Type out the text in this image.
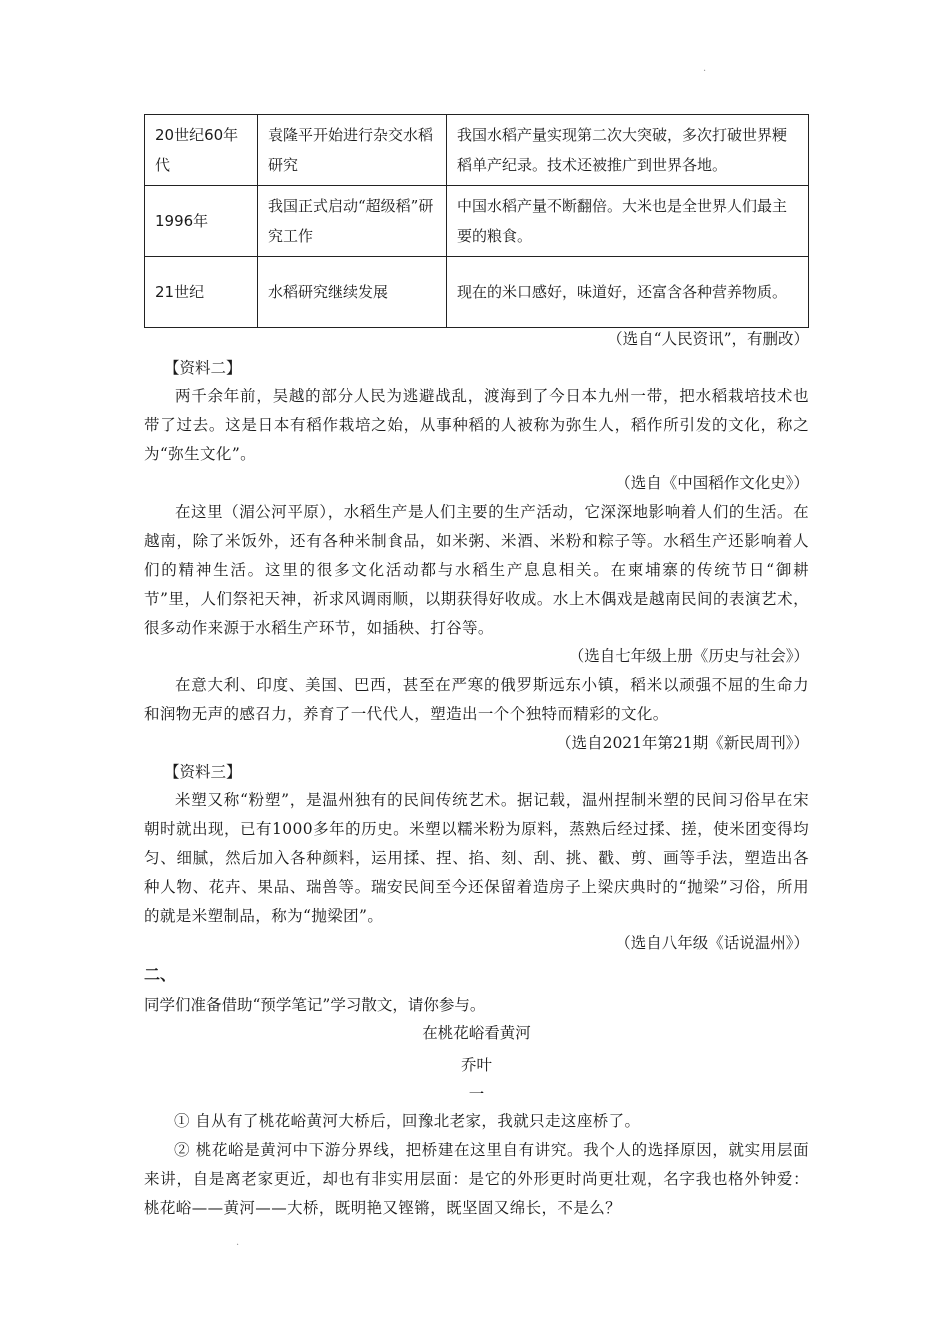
·
20世纪60年代	袁隆平开始进行杂交水稻研究	我国水稻产量实现第二次大突破，多次打破世界粳稻单产纪录。技术还被推广到世界各地。
1996年	我国正式启动“超级稻”研究工作	中国水稻产量不断翻倍。大米也是全世界人们最主要的粮食。
21世纪	水稻研究继续发展	现在的米口感好，味道好，还富含各种营养物质。
（选自“人民资讯”，有删改）
【资料二】
两千余年前，吴越的部分人民为逃避战乱，渡海到了今日本九州一带，把水稻栽培技术也带了过去。这是日本有稻作栽培之始，从事种稻的人被称为弥生人，稻作所引发的文化，称之为“弥生文化”。
（选自《中国稻作文化史》）
在这里（湄公河平原），水稻生产是人们主要的生产活动，它深深地影响着人们的生活。在越南，除了米饭外，还有各种米制食品，如米粥、米酒、米粉和粽子等。水稻生产还影响着人们的精神生活。这里的很多文化活动都与水稻生产息息相关。在柬埔寨的传统节日“御耕节”里，人们祭祀天神，祈求风调雨顺，以期获得好收成。水上木偶戏是越南民间的表演艺术，很多动作来源于水稻生产环节，如插秧、打谷等。
（选自七年级上册《历史与社会》）
在意大利、印度、美国、巴西，甚至在严寒的俄罗斯远东小镇，稻米以顽强不屈的生命力和润物无声的感召力，养育了一代代人，塑造出一个个独特而精彩的文化。
（选自2021年第21期《新民周刊》）
【资料三】
米塑又称“粉塑”，是温州独有的民间传统艺术。据记载，温州捏制米塑的民间习俗早在宋朝时就出现，已有1000多年的历史。米塑以糯米粉为原料，蒸熟后经过揉、搓，使米团变得均匀、细腻，然后加入各种颜料，运用揉、捏、掐、刻、刮、挑、戳、剪、画等手法，塑造出各种人物、花卉、果品、瑞兽等。瑞安民间至今还保留着造房子上梁庆典时的“抛梁”习俗，所用的就是米塑制品，称为“抛梁团”。
（选自八年级《话说温州》）
二、
同学们准备借助“预学笔记”学习散文，请你参与。
在桃花峪看黄河
乔叶
一
① 自从有了桃花峪黄河大桥后，回豫北老家，我就只走这座桥了。
② 桃花峪是黄河中下游分界线，把桥建在这里自有讲究。我个人的选择原因，就实用层面来讲，自是离老家更近，却也有非实用层面：是它的外形更时尚更壮观，名字我也格外钟爱：桃花峪——黄河——大桥，既明艳又铿锵，既坚固又绵长，不是么？
·
